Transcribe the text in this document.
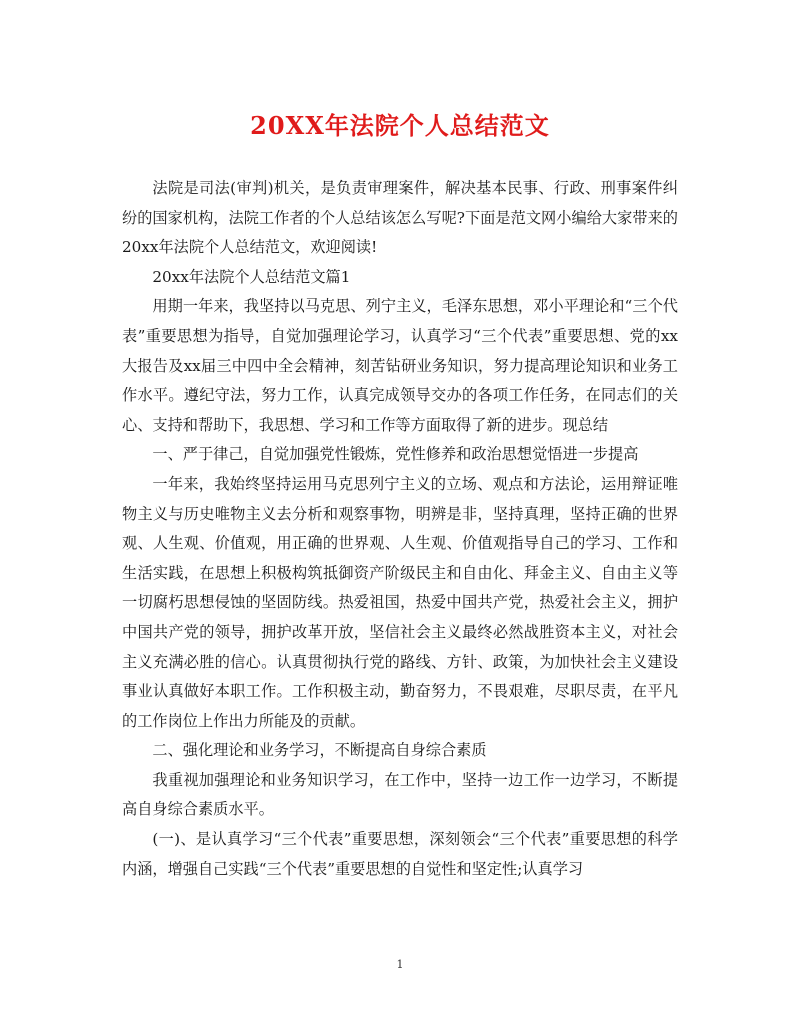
20XX年法院个人总结范文

法院是司法(审判)机关，是负责审理案件，解决基本民事、行政、刑事案件纠纷的国家机构，法院工作者的个人总结该怎么写呢?下面是范文网小编给大家带来的20xx年法院个人总结范文，欢迎阅读!

20xx年法院个人总结范文篇1

用期一年来，我坚持以马克思、列宁主义，毛泽东思想，邓小平理论和“三个代表”重要思想为指导，自觉加强理论学习，认真学习“三个代表”重要思想、党的xx大报告及xx届三中四中全会精神，刻苦钻研业务知识，努力提高理论知识和业务工作水平。遵纪守法，努力工作，认真完成领导交办的各项工作任务，在同志们的关心、支持和帮助下，我思想、学习和工作等方面取得了新的进步。现总结

一、严于律己，自觉加强党性锻炼，党性修养和政治思想觉悟进一步提高

一年来，我始终坚持运用马克思列宁主义的立场、观点和方法论，运用辩证唯物主义与历史唯物主义去分析和观察事物，明辨是非，坚持真理，坚持正确的世界观、人生观、价值观，用正确的世界观、人生观、价值观指导自己的学习、工作和生活实践，在思想上积极构筑抵御资产阶级民主和自由化、拜金主义、自由主义等一切腐朽思想侵蚀的坚固防线。热爱祖国，热爱中国共产党，热爱社会主义，拥护中国共产党的领导，拥护改革开放，坚信社会主义最终必然战胜资本主义，对社会主义充满必胜的信心。认真贯彻执行党的路线、方针、政策，为加快社会主义建设事业认真做好本职工作。工作积极主动，勤奋努力，不畏艰难，尽职尽责，在平凡的工作岗位上作出力所能及的贡献。

二、强化理论和业务学习，不断提高自身综合素质

我重视加强理论和业务知识学习，在工作中，坚持一边工作一边学习，不断提高自身综合素质水平。

(一)、是认真学习“三个代表”重要思想，深刻领会“三个代表”重要思想的科学内涵，增强自己实践“三个代表”重要思想的自觉性和坚定性;认真学习

1
